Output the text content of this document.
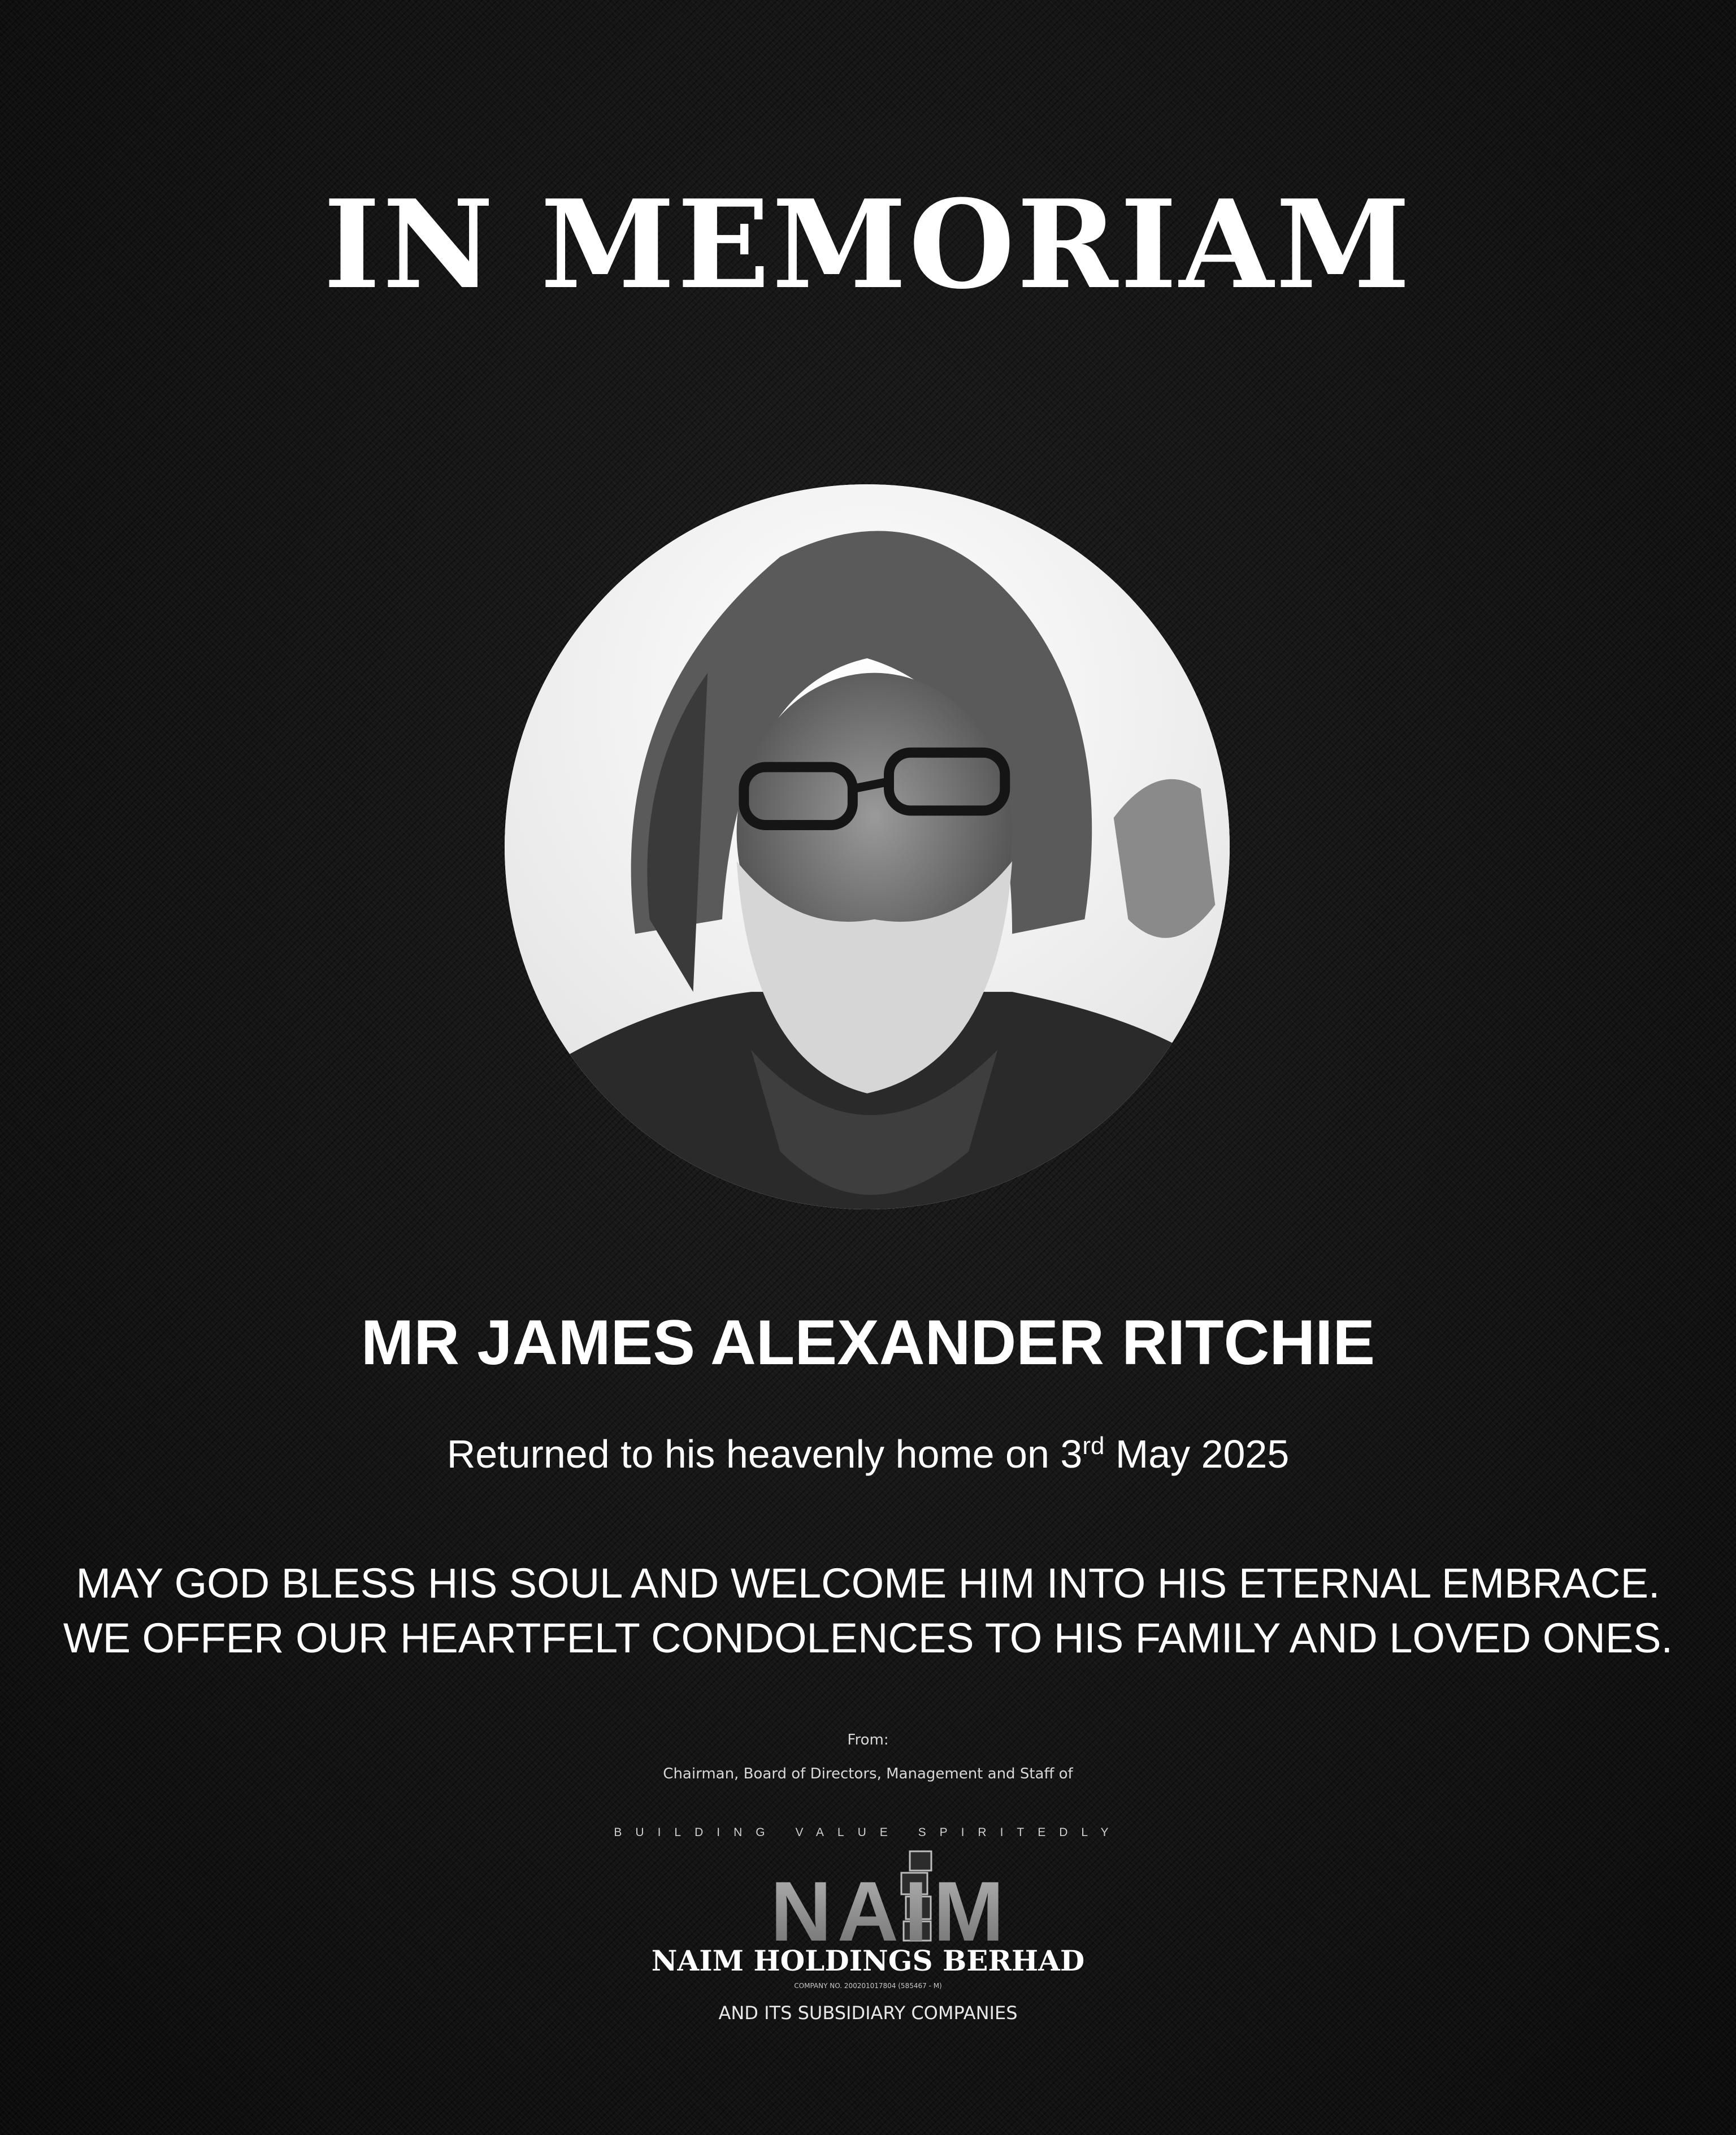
IN MEMORIAM
MR JAMES ALEXANDER RITCHIE
Returned to his heavenly home on 3rd May 2025
MAY GOD BLESS HIS SOUL AND WELCOME HIM INTO HIS ETERNAL EMBRACE.
WE OFFER OUR HEARTFELT CONDOLENCES TO HIS FAMILY AND LOVED ONES.
From:
Chairman, Board of Directors, Management and Staff of
BUILDING VALUE SPIRITEDLY
NAIM
NAIM HOLDINGS BERHAD
COMPANY NO. 200201017804 (585467 - M)
AND ITS SUBSIDIARY COMPANIES
